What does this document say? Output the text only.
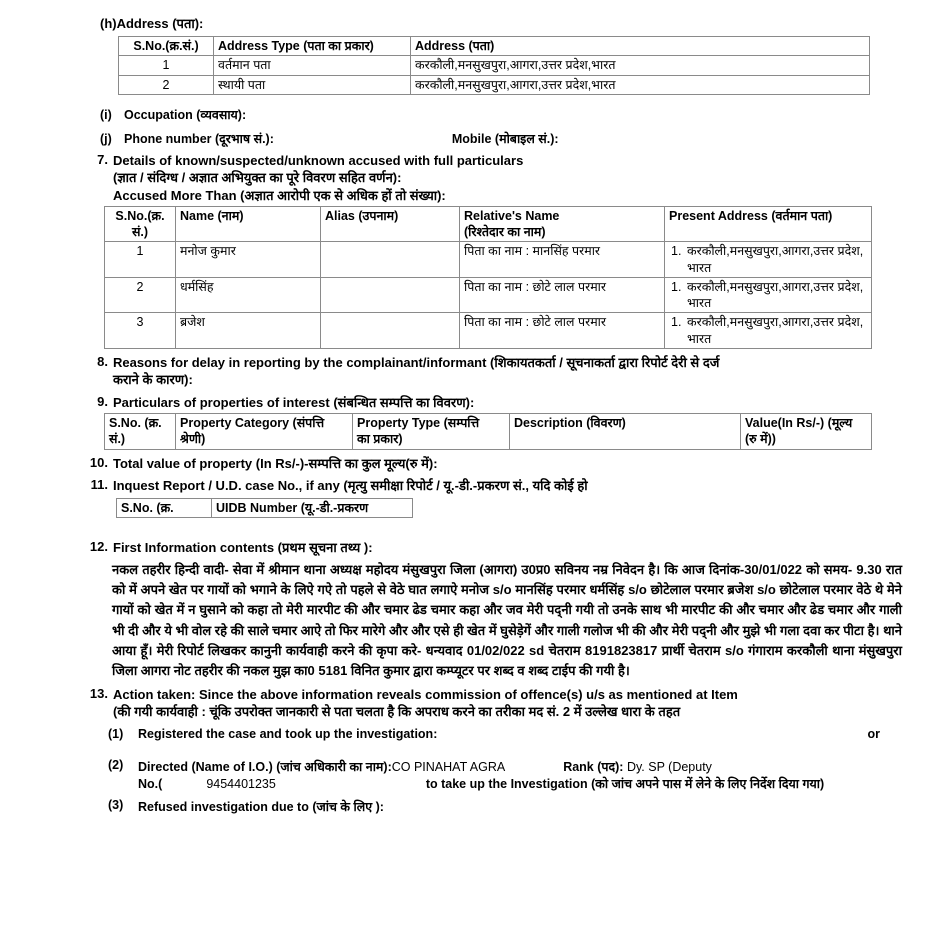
(h)Address (पता):
S.No.(क्र.सं.)	Address Type (पता का प्रकार)	Address (पता)
1	वर्तमान पता	करकौली,मनसुखपुरा,आगरा,उत्तर प्रदेश,भारत
2	स्थायी पता	करकौली,मनसुखपुरा,आगरा,उत्तर प्रदेश,भारत
(i) Occupation (व्यवसाय):
(j) Phone number (दूरभाष सं.):	Mobile (मोबाइल सं.):
7. Details of known/suspected/unknown accused with full particulars
(ज्ञात / संदिग्ध / अज्ञात अभियुक्त का पूरे विवरण सहित वर्णन):
Accused More Than (अज्ञात आरोपी एक से अधिक हों तो संख्या):
S.No.(क्र.
सं.)	Name (नाम)	Alias (उपनाम)	Relative's Name
(रिश्तेदार का नाम)	Present Address (वर्तमान पता)
1	मनोज कुमार		पिता का नाम : मानसिंह परमार	1. करकौली,मनसुखपुरा,आगरा,उत्तर प्रदेश, भारत

2	धर्मसिंह		पिता का नाम : छोटे लाल परमार	1. करकौली,मनसुखपुरा,आगरा,उत्तर प्रदेश, भारत

3	ब्रजेश		पिता का नाम : छोटे लाल परमार	1. करकौली,मनसुखपुरा,आगरा,उत्तर प्रदेश, भारत
8. Reasons for delay in reporting by the complainant/informant (शिकायतकर्ता / सूचनाकर्ता द्वारा रिपोर्ट देरी से दर्ज
कराने के कारण):
9. Particulars of properties of interest (संबन्धित सम्पत्ति का विवरण):
S.No. (क्र.
सं.)	Property Category (संपत्ति
श्रेणी)	Property Type (सम्पत्ति
का प्रकार)	Description (विवरण)	Value(In Rs/-) (मूल्य
(रु में))
10. Total value of property (In Rs/-)-सम्पत्ति का कुल मूल्य(रु में):
11. Inquest Report / U.D. case No., if any (मृत्यु समीक्षा रिपोर्ट / यू.-डी.-प्रकरण सं., यदि कोई हो
S.No. (क्र.	UIDB Number (यू.-डी.-प्रकरण
12. First Information contents (प्रथम सूचना तथ्य ):

नकल तहरीर हिन्दी वादी- सेवा में श्रीमान थाना अध्यक्ष महोदय मंसुखपुरा जिला (आगरा) उ0प्र0 सविनय नम्र निवेदन है। कि आज दिनांक-30/01/022 को समय- 9.30 रात को में अपने खेत पर गायों को भगाने के लिऐ गऐ तो पहले से वेठे घात लगाऐ मनोज s/o मानसिंह परमार धर्मसिंह s/o छोटेलाल परमार ब्रजेश s/o छोटेलाल परमार वेठे थे मेने गायों को खेत में न घुसाने को कहा तो मेरी मारपीट की और चमार ढेड चमार कहा और जव मेरी पद्नी गयी तो उनके साथ भी मारपीट की और चमार और ढेड चमार और गाली भी दी और ये भी वोल रहे की साले चमार आऐ तो फिर मारेगे और और एसे ही खेत में घुसेड़ेगें और गाली गलोज भी की और मेरी पद्नी और मुझे भी गला दवा कर पीटा है। थाने आया हूँ। मेरी रिपोर्ट लिखकर कानुनी कार्यवाही करने की कृपा करे- धन्यवाद 01/02/022 sd चेतराम 8191823817 प्रार्थी चेतराम s/o गंगाराम करकौली थाना मंसुखपुरा जिला आगरा नोट तहरीर की नकल मुझ का0 5181 विनित कुमार द्वारा कम्प्यूटर पर शब्द व शब्द टाईप की गयी है।

13. Action taken: Since the above information reveals commission of offence(s) u/s as mentioned at Item
(की गयी कार्यवाही : चूंकि उपरोक्त जानकारी से पता चलता है कि अपराध करने का तरीका मद सं. 2 में उल्लेख धारा के तहत
(1)	Registered the case and took up the investigation:	or
(2)	Directed (Name of I.O.) (जांच अधिकारी का नाम):CO PINAHAT AGRA	Rank (पद): Dy. SP (Deputy
No.(	9454401235	to take up the Investigation (को जांच अपने पास में लेने के लिए निर्देश दिया गया)
(3)	Refused investigation due to (जांच के लिए ):
